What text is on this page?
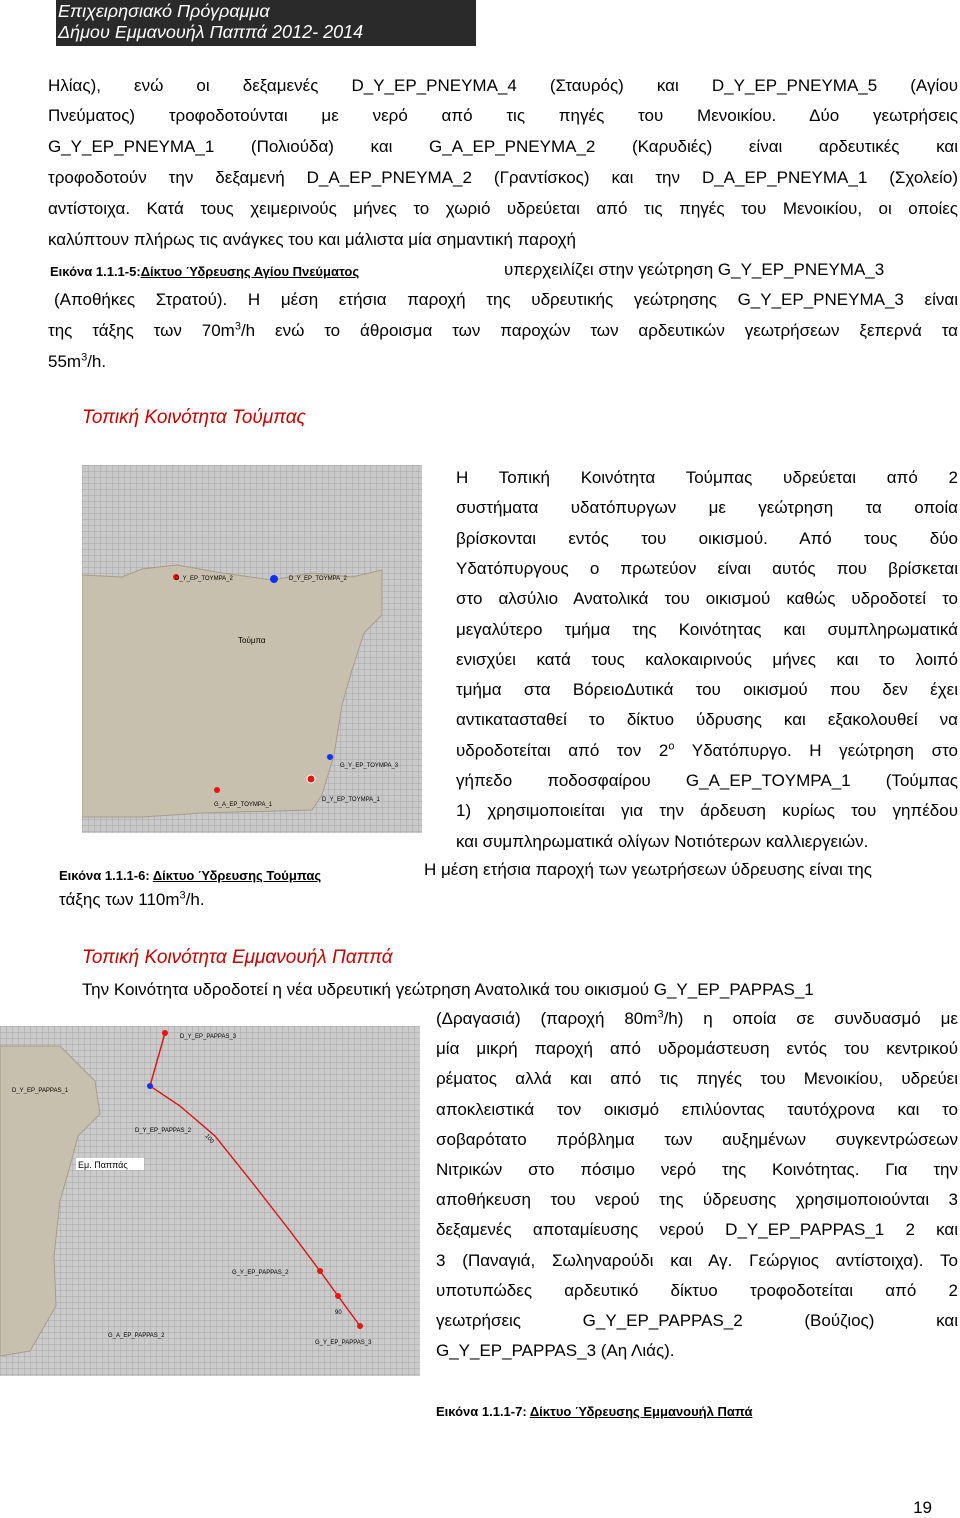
Επιχειρησιακό Πρόγραμμα
Δήμου Εμμανουήλ Παππά 2012- 2014
Ηλίας), ενώ οι δεξαμενές D_Y_EP_PNEYMA_4 (Σταυρός) και D_Y_EP_PNEYMA_5 (Αγίου
Πνεύματος) τροφοδοτούνται με νερό από τις πηγές του Μενοικίου. Δύο γεωτρήσεις
G_Y_EP_PNEYMA_1 (Πολιούδα) και G_A_EP_PNEYMA_2 (Καρυδιές) είναι αρδευτικές και
τροφοδοτούν την δεξαμενή D_A_EP_PNEYMA_2 (Γραντίσκος) και την D_A_EP_PNEYMA_1 (Σχολείο)
αντίστοιχα. Κατά τους χειμερινούς μήνες το χωριό υδρεύεται από τις πηγές του Μενοικίου, οι οποίες
καλύπτουν πλήρως τις ανάγκες του και μάλιστα μία σημαντική παροχή
Εικόνα 1.1.1-5:Δίκτυο Ύδρευσης Αγίου Πνεύματος	υπερχειλίζει στην γεώτρηση G_Y_EP_PNEYMA_3
(Αποθήκες Στρατού). Η μέση ετήσια παροχή της υδρευτικής γεώτρησης G_Y_EP_PNEYMA_3 είναι
της τάξης των $70m^3/h$ ενώ το άθροισμα των παροχών των αρδευτικών γεωτρήσεων ξεπερνά τα
$55m^3/h$.
Τοπική Κοινότητα Τούμπας
D_Y_EP_TOYMPA_2	D_Y_EP_TOYMPA_2
Τούμπα
G_Y_EP_TOYMPA_3
G_A_EP_TOYMPA_1
D_Y_EP_TOYMPA_1
Η Τοπική Κοινότητα Τούμπας υδρεύεται από 2
συστήματα υδατόπυργων με γεώτρηση τα οποία
βρίσκονται εντός του οικισμού. Από τους δύο
Υδατόπυργους ο πρωτεύον είναι αυτός που βρίσκεται
στο αλσύλιο Ανατολικά του οικισμού καθώς υδροδοτεί το
μεγαλύτερο τμήμα της Κοινότητας και συμπληρωματικά
ενισχύει κατά τους καλοκαιρινούς μήνες και το λοιπό
τμήμα στα ΒόρειοΔυτικά του οικισμού που δεν έχει
αντικατασταθεί το δίκτυο ύδρυσης και εξακολουθεί να
υδροδοτείται από τον $2^o$ Υδατόπυργο. Η γεώτρηση στο
γήπεδο ποδοσφαίρου G_A_EP_TOYMPA_1 (Τούμπας
1) χρησιμοποιείται για την άρδευση κυρίως του γηπέδου
και συμπληρωματικά ολίγων Νοτιότερων καλλιεργειών.
Εικόνα 1.1.1-6: Δίκτυο Ύδρευσης Τούμπας	Η μέση ετήσια παροχή των γεωτρήσεων ύδρευσης είναι της
τάξης των $110m^3/h$.
Τοπική Κοινότητα Εμμανουήλ Παππά
Την Κοινότητα υδροδοτεί η νέα υδρευτική γεώτρηση Ανατολικά του οικισμού G_Y_EP_PAPPAS_1
D_Y_EP_PAPPAS_3
D_Y_EP_PAPPAS_1
D_Y_EP_PAPPAS_2
100
Εμ. Παππάς
G_Y_EP_PAPPAS_2
90
G_A_EP_PAPPAS_2
G_Y_EP_PAPPAS_3
(Δραγασιά) (παροχή $80m^3/h$) η οποία σε συνδυασμό με
μία μικρή παροχή από υδρομάστευση εντός του κεντρικού
ρέματος αλλά και από τις πηγές του Μενοικίου, υδρεύει
αποκλειστικά τον οικισμό επιλύοντας ταυτόχρονα και το
σοβαρότατο πρόβλημα των αυξημένων συγκεντρώσεων
Νιτρικών στο πόσιμο νερό της Κοινότητας. Για την
αποθήκευση του νερού της ύδρευσης χρησιμοποιούνται 3
δεξαμενές αποταμίευσης νερού D_Y_EP_PAPPAS_1 2 και
3 (Παναγιά, Σωληναρούδι και Αγ. Γεώργιος αντίστοιχα). Το
υποτυπώδες αρδευτικό δίκτυο τροφοδοτείται από 2
γεωτρήσεις G_Y_EP_PAPPAS_2 (Βούζιος) και
G_Y_EP_PAPPAS_3 (Αη Λιάς).
Εικόνα 1.1.1-7: Δίκτυο Ύδρευσης Εμμανουήλ Παπά
19
